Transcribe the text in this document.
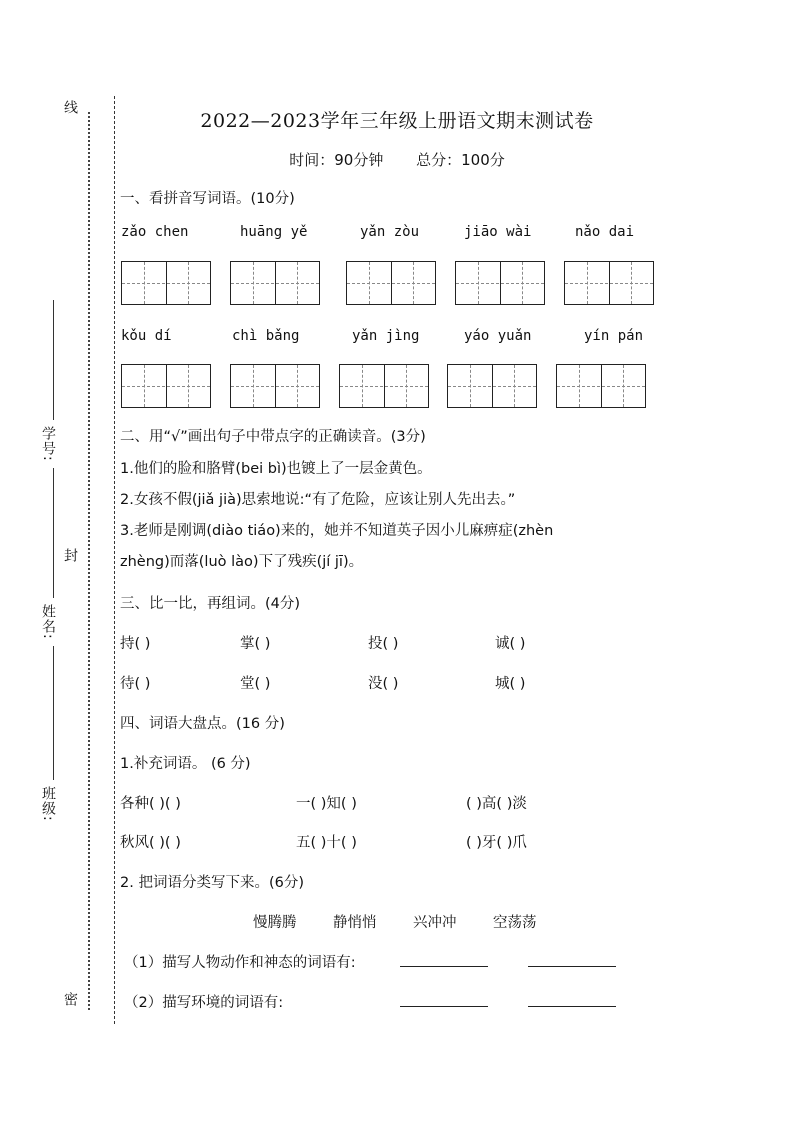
线
封
密
学号:
姓名:
班级:
2022—2023学年三年级上册语文期末测试卷
时间：90分钟 总分：100分
一、看拼音写词语。(10分)
zǎo chen	huāng yě	yǎn zòu	jiāo wài	nǎo dai
kǒu dí	chì bǎng	yǎn jìng	yáo yuǎn	yín pán
二、用“√”画出句子中带点字的正确读音。(3分)
1.他们的脸和胳臂(bei bì)也镀上了一层金黄色。
2.女孩不假(jiǎ jià)思索地说:“有了危险，应该让别人先出去。”
3.老师是刚调(diào tiáo)来的，她并不知道英子因小儿麻痹症(zhèn
zhèng)而落(luò lào)下了残疾(jí jī)。
三、比一比，再组词。(4分)
持( )	掌( )	投( )	诚( )
待( )	堂( )	没( )	城( )
四、词语大盘点。(16 分)
1.补充词语。 (6 分)
各种( )( )	一( )知( )	( )高( )淡
秋风( )( )	五( )十( )	( )牙( )爪
2. 把词语分类写下来。(6分)
慢腾腾	静悄悄	兴冲冲	空荡荡
（1）描写人物动作和神态的词语有:
（2）描写环境的词语有:
